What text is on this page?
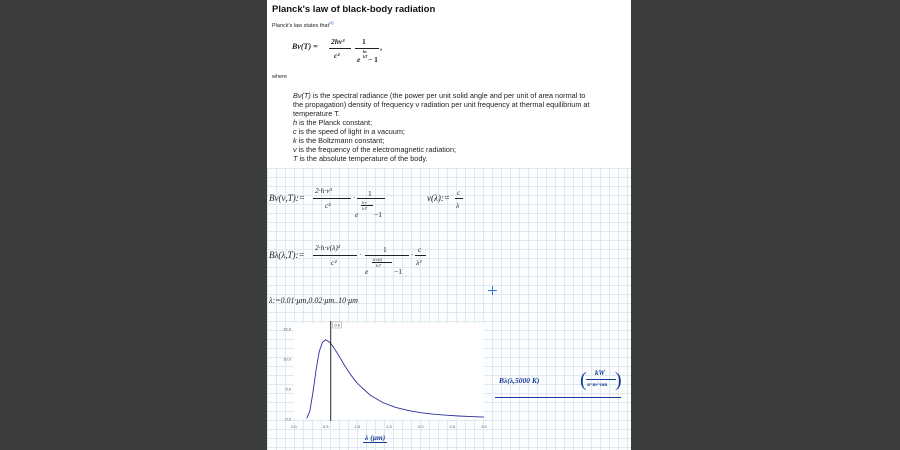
Planck's law of black-body radiation
Planck's law states that[3]
Bν(T) =
2hν³
c²
1
e
hν
kT − 1
,
where
Bν(T) is the spectral radiance (the power per unit solid angle and per unit of area normal to
the propagation) density of frequency ν radiation per unit frequency at thermal equilibrium at
temperature T.
h is the Planck constant;
c is the speed of light in a vacuum;
k is the Boltzmann constant;
ν is the frequency of the electromagnetic radiation;
T is the absolute temperature of the body.
Bν(ν,T):=
2·h·ν³
c²
· 1
e
h·ν
k·T
−1
ν(λ):=
c
λ
Bλ(λ,T):=
2·h·ν(λ)³
c²
·
1
e
h·ν(λ)
k·T
−1
·
c
λ²
λ:=0.01·μm,0.02·μm..10·μm
0.0	0.5	1.0	1.5	2.0	2.5	3.0
0.0
5.0
10.0
15.0
0.6
λ (μm)
Bλ(λ,5000 K) ( kW
sr·m²·nm )
